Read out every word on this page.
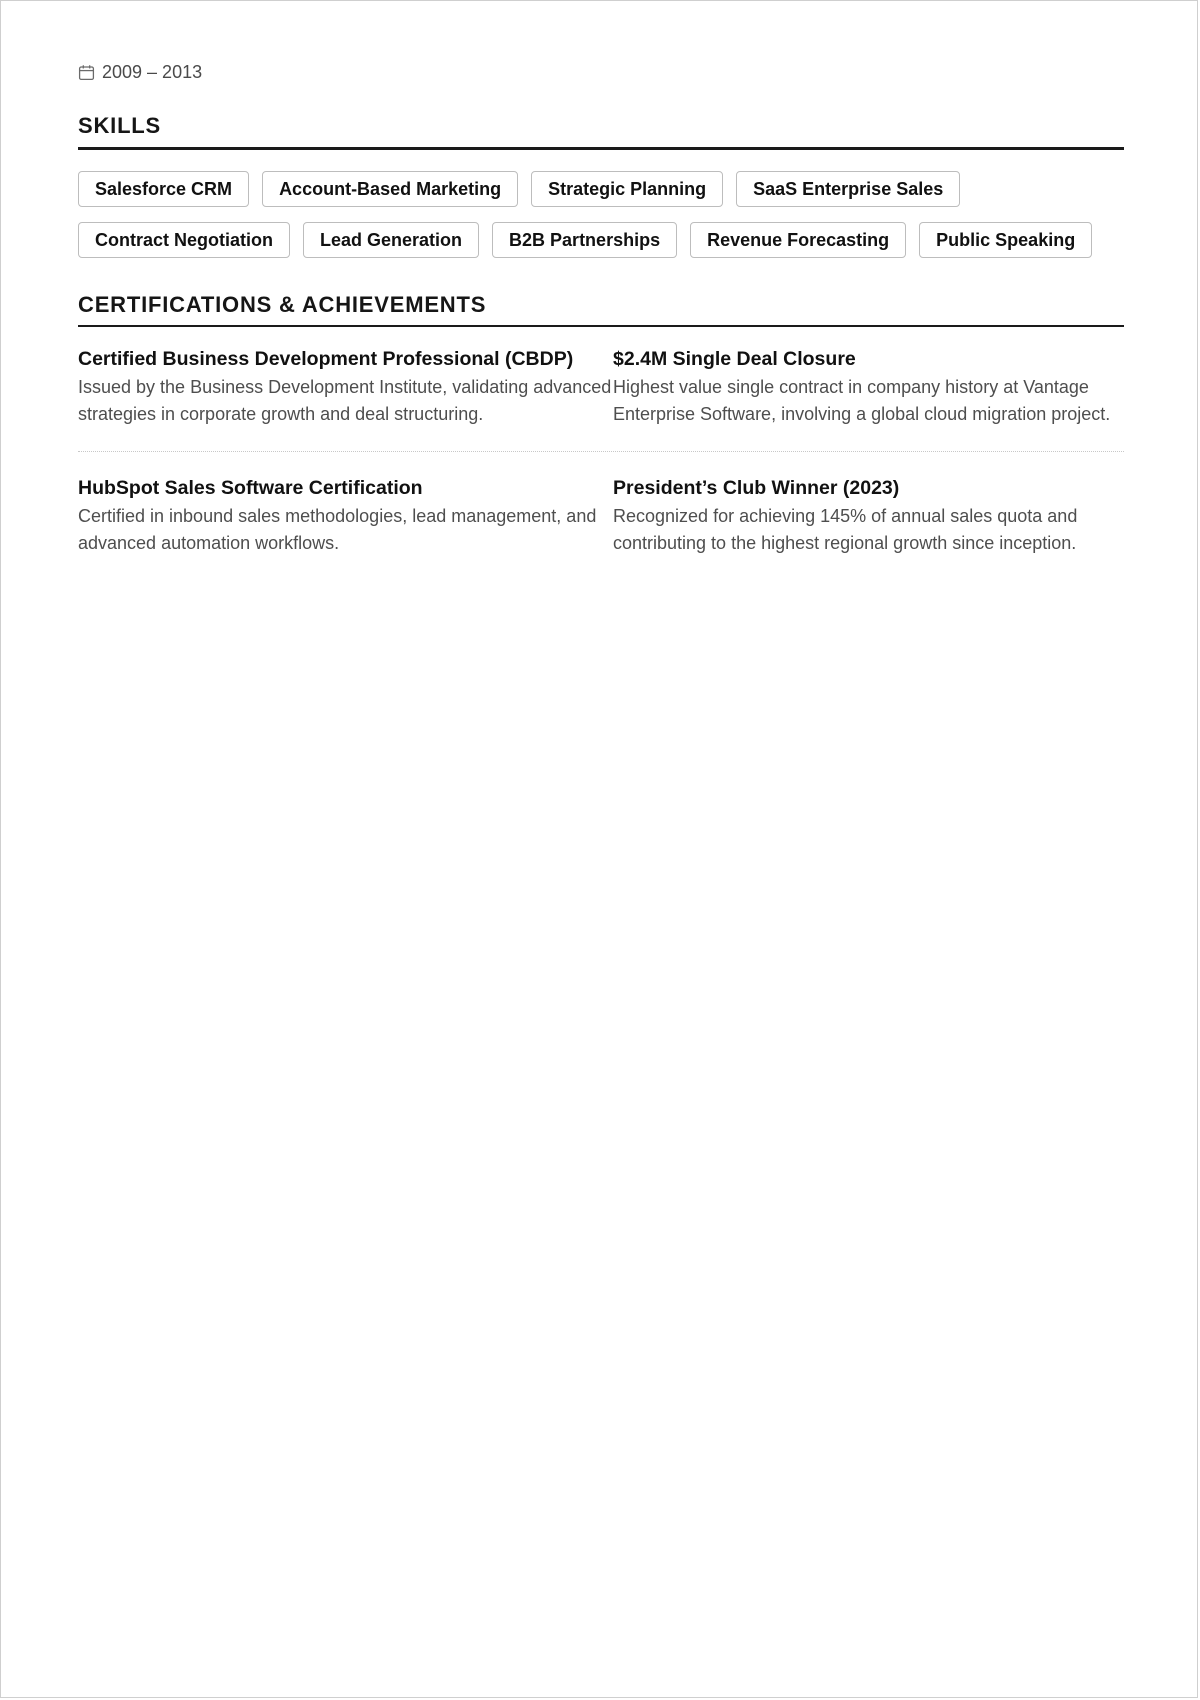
2009 – 2013
SKILLS
Salesforce CRM	Account-Based Marketing	Strategic Planning	SaaS Enterprise Sales
Contract Negotiation	Lead Generation	B2B Partnerships	Revenue Forecasting	Public Speaking
CERTIFICATIONS & ACHIEVEMENTS

Certified Business Development Professional (CBDP)

Issued by the Business Development Institute, validating advanced strategies in corporate growth and deal structuring.

$2.4M Single Deal Closure

Highest value single contract in company history at Vantage Enterprise Software, involving a global cloud migration project.

HubSpot Sales Software Certification

Certified in inbound sales methodologies, lead management, and advanced automation workflows.

President’s Club Winner (2023)

Recognized for achieving 145% of annual sales quota and contributing to the highest regional growth since inception.
